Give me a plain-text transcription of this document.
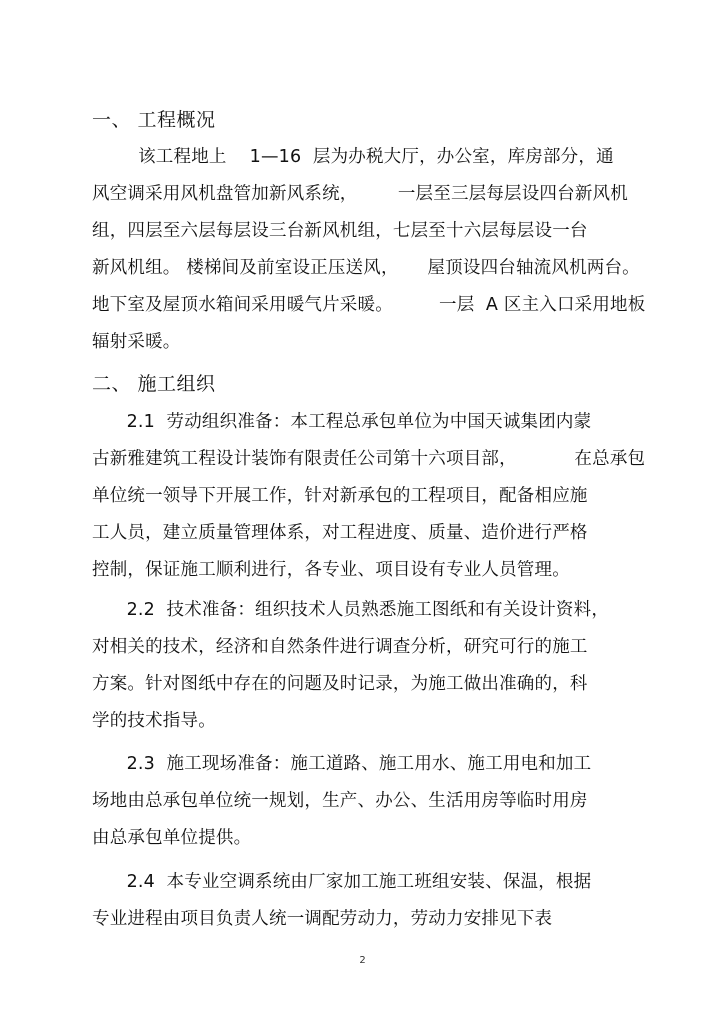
一、 工程概况
该工程地上    1—16  层为办税大厅，办公室，库房部分，通
风空调采用风机盘管加新风系统，       一层至三层每层设四台新风机
组，四层至六层每层设三台新风机组，七层至十六层每层设一台
新风机组。 楼梯间及前室设正压送风，     屋顶设四台轴流风机两台。
地下室及屋顶水箱间采用暖气片采暖。        一层  A 区主入口采用地板
辐射采暖。
二、 施工组织
2.1  劳动组织准备：本工程总承包单位为中国天诚集团内蒙
古新雅建筑工程设计装饰有限责任公司第十六项目部，          在总承包
单位统一领导下开展工作，针对新承包的工程项目，配备相应施
工人员，建立质量管理体系，对工程进度、质量、造价进行严格
控制，保证施工顺利进行，各专业、项目设有专业人员管理。
2.2  技术准备：组织技术人员熟悉施工图纸和有关设计资料，
对相关的技术，经济和自然条件进行调查分析，研究可行的施工
方案。针对图纸中存在的问题及时记录，为施工做出准确的，科
学的技术指导。
2.3  施工现场准备：施工道路、施工用水、施工用电和加工
场地由总承包单位统一规划，生产、办公、生活用房等临时用房
由总承包单位提供。
2.4  本专业空调系统由厂家加工施工班组安装、保温，根据
专业进程由项目负责人统一调配劳动力，劳动力安排见下表
2
